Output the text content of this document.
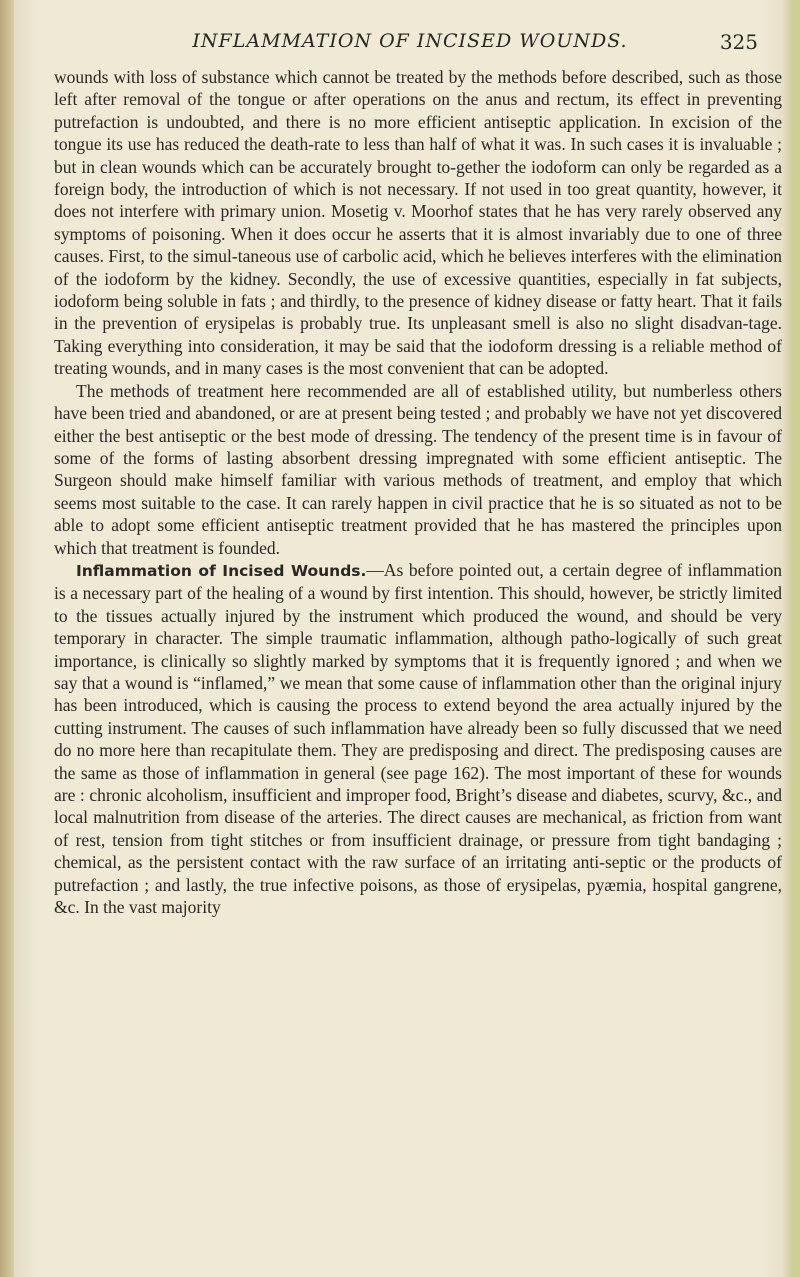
INFLAMMATION OF INCISED WOUNDS.	325

wounds with loss of substance which cannot be treated by the methods before described, such as those left after removal of the tongue or after operations on the anus and rectum, its effect in preventing putrefaction is undoubted, and there is no more efficient antiseptic application. In excision of the tongue its use has reduced the death-rate to less than half of what it was. In such cases it is invaluable ; but in clean wounds which can be accurately brought to-gether the iodoform can only be regarded as a foreign body, the introduction of which is not necessary. If not used in too great quantity, however, it does not interfere with primary union. Mosetig v. Moorhof states that he has very rarely observed any symptoms of poisoning. When it does occur he asserts that it is almost invariably due to one of three causes. First, to the simul-taneous use of carbolic acid, which he believes interferes with the elimination of the iodoform by the kidney. Secondly, the use of excessive quantities, especially in fat subjects, iodoform being soluble in fats ; and thirdly, to the presence of kidney disease or fatty heart. That it fails in the prevention of erysipelas is probably true. Its unpleasant smell is also no slight disadvan-tage. Taking everything into consideration, it may be said that the iodoform dressing is a reliable method of treating wounds, and in many cases is the most convenient that can be adopted.

The methods of treatment here recommended are all of established utility, but numberless others have been tried and abandoned, or are at present being tested ; and probably we have not yet discovered either the best antiseptic or the best mode of dressing. The tendency of the present time is in favour of some of the forms of lasting absorbent dressing impregnated with some efficient antiseptic. The Surgeon should make himself familiar with various methods of treatment, and employ that which seems most suitable to the case. It can rarely happen in civil practice that he is so situated as not to be able to adopt some efficient antiseptic treatment provided that he has mastered the principles upon which that treatment is founded.

Inflammation of Incised Wounds.—As before pointed out, a certain degree of inflammation is a necessary part of the healing of a wound by first intention. This should, however, be strictly limited to the tissues actually injured by the instrument which produced the wound, and should be very temporary in character. The simple traumatic inflammation, although patho-logically of such great importance, is clinically so slightly marked by symptoms that it is frequently ignored ; and when we say that a wound is “inflamed,” we mean that some cause of inflammation other than the original injury has been introduced, which is causing the process to extend beyond the area actually injured by the cutting instrument. The causes of such inflammation have already been so fully discussed that we need do no more here than recapitulate them. They are predisposing and direct. The predisposing causes are the same as those of inflammation in general (see page 162). The most important of these for wounds are : chronic alcoholism, insufficient and improper food, Bright’s disease and diabetes, scurvy, &c., and local malnutrition from disease of the arteries. The direct causes are mechanical, as friction from want of rest, tension from tight stitches or from insufficient drainage, or pressure from tight bandaging ; chemical, as the persistent contact with the raw surface of an irritating anti-septic or the products of putrefaction ; and lastly, the true infective poisons, as those of erysipelas, pyæmia, hospital gangrene, &c. In the vast majority
